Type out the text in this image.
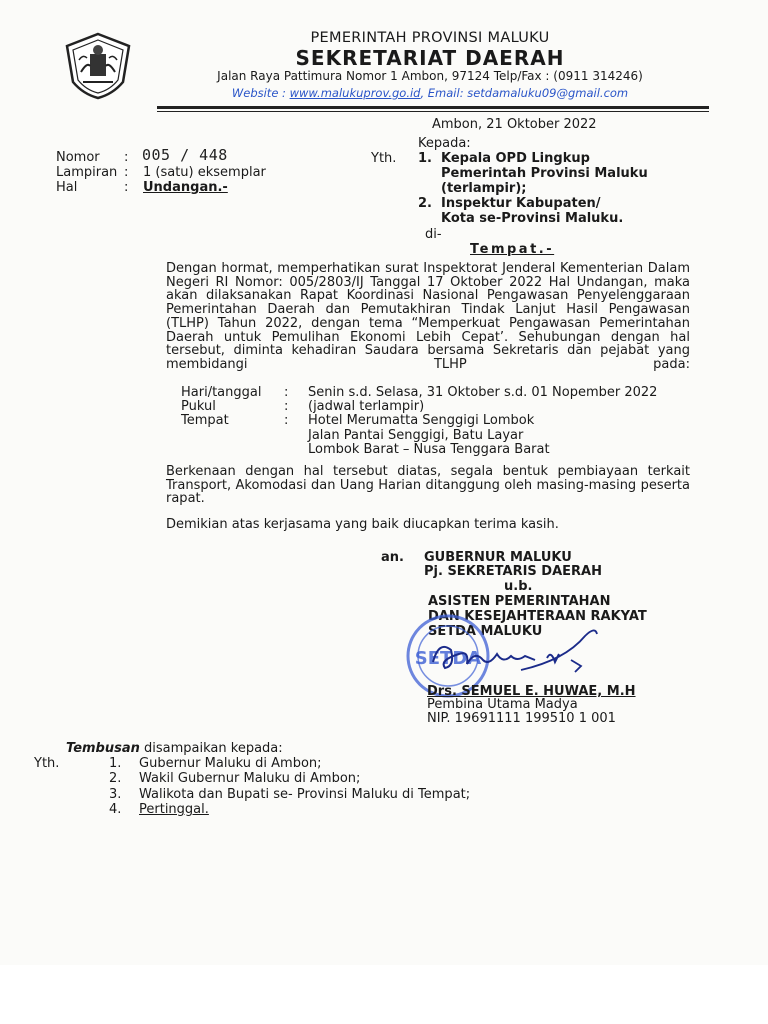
PEMERINTAH PROVINSI MALUKU
SEKRETARIAT DAERAH
Jalan Raya Pattimura Nomor 1 Ambon, 97124 Telp/Fax : (0911 314246)
Website : www.malukuprov.go.id, Email: setdamaluku09@gmail.com
Ambon, 21 Oktober 2022
Nomor : 005 / 448
Lampiran : 1 (satu) eksemplar
Hal	: Undangan.-
Kepada:
Yth. 1. Kepala OPD Lingkup
Pemerintah Provinsi Maluku
(terlampir);
2. Inspektur Kabupaten/
Kota se-Provinsi Maluku.
di-
Tempat.-
Dengan hormat, memperhatikan surat Inspektorat Jenderal Kementerian Dalam Negeri RI Nomor: 005/2803/IJ Tanggal 17 Oktober 2022 Hal Undangan, maka akan dilaksanakan Rapat Koordinasi Nasional Pengawasan Penyelenggaraan Pemerintahan Daerah dan Pemutakhiran Tindak Lanjut Hasil Pengawasan (TLHP) Tahun 2022, dengan tema “Memperkuat Pengawasan Pemerintahan Daerah untuk Pemulihan Ekonomi Lebih Cepat’. Sehubungan dengan hal tersebut, diminta kehadiran Saudara bersama Sekretaris dan pejabat yang membidangi TLHP pada:
Hari/tanggal : Senin s.d. Selasa, 31 Oktober s.d. 01 Nopember 2022
Pukul	: (jadwal terlampir)
Tempat	: Hotel Merumatta Senggigi Lombok
Jalan Pantai Senggigi, Batu Layar
Lombok Barat – Nusa Tenggara Barat
Berkenaan dengan hal tersebut diatas, segala bentuk pembiayaan terkait Transport, Akomodasi dan Uang Harian ditanggung oleh masing-masing peserta rapat.
Demikian atas kerjasama yang baik diucapkan terima kasih.
an. GUBERNUR MALUKU
Pj. SEKRETARIS DAERAH
u.b.
ASISTEN PEMERINTAHAN
DAN KESEJAHTERAAN RAKYAT
SETDA MALUKU
SETDA
Drs. SEMUEL E. HUWAE, M.H
Pembina Utama Madya
NIP. 19691111 199510 1 001
Tembusan disampaikan kepada:
Yth.	1. Gubernur Maluku di Ambon;
2. Wakil Gubernur Maluku di Ambon;
3. Walikota dan Bupati se- Provinsi Maluku di Tempat;
4. Pertinggal.
